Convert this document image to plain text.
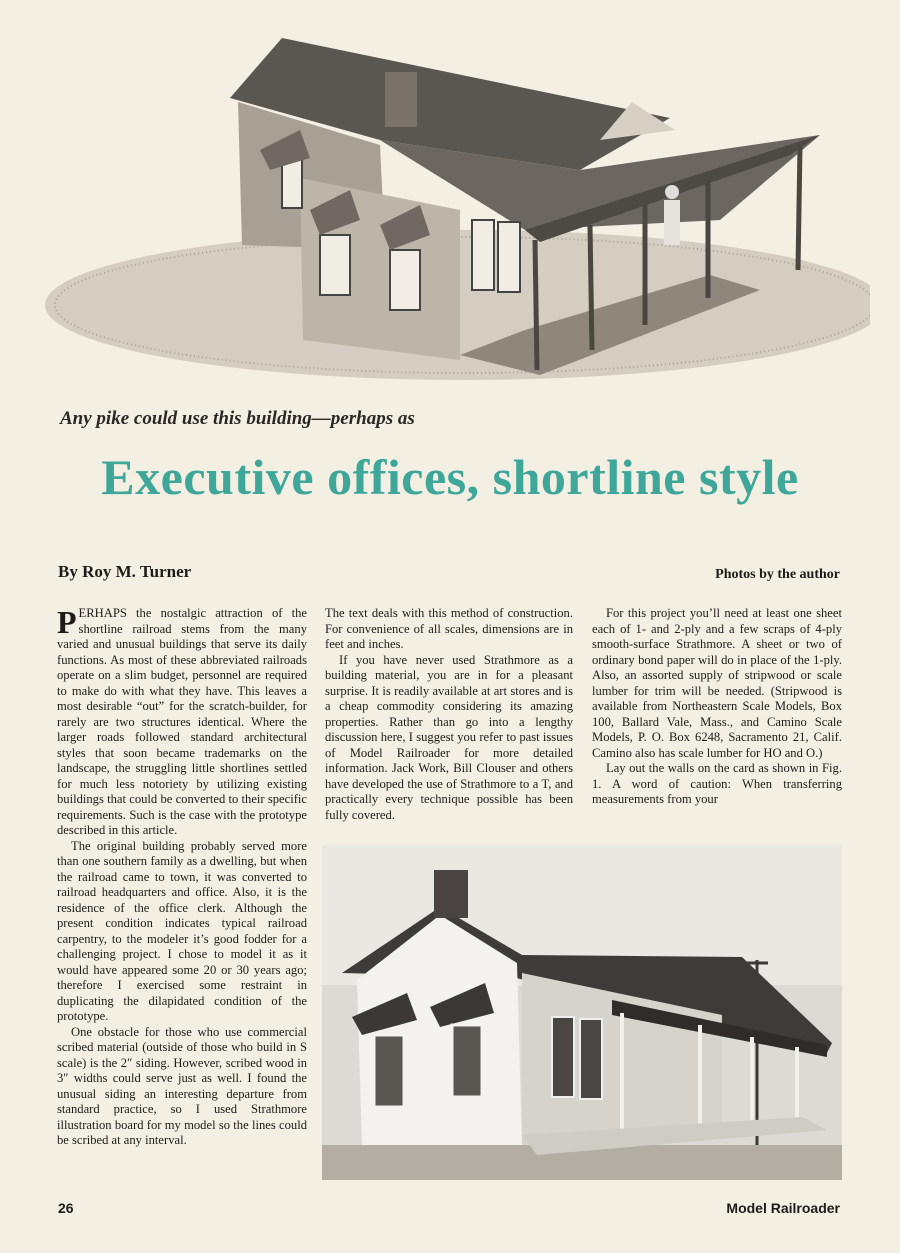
Any pike could use this building—perhaps as
Executive offices, shortline style
By Roy M. Turner	Photos by the author

PERHAPS the nostalgic attraction of the shortline railroad stems from the many varied and unusual buildings that serve its daily functions. As most of these abbreviated railroads operate on a slim budget, personnel are required to make do with what they have. This leaves a most desirable “out” for the scratch-builder, for rarely are two structures identical. Where the larger roads followed standard architectural styles that soon became trademarks on the landscape, the struggling little shortlines settled for much less notoriety by utilizing existing buildings that could be converted to their specific requirements. Such is the case with the prototype described in this article.

The original building probably served more than one southern family as a dwelling, but when the railroad came to town, it was converted to railroad headquarters and office. Also, it is the residence of the office clerk. Although the present condition indicates typical railroad carpentry, to the modeler it’s good fodder for a challenging project. I chose to model it as it would have appeared some 20 or 30 years ago; therefore I exercised some restraint in duplicating the dilapidated condition of the prototype.

One obstacle for those who use commercial scribed material (outside of those who build in S scale) is the 2″ siding. However, scribed wood in 3″ widths could serve just as well. I found the unusual siding an interesting departure from standard practice, so I used Strathmore illustration board for my model so the lines could be scribed at any interval.

The text deals with this method of construction. For convenience of all scales, dimensions are in feet and inches.

If you have never used Strathmore as a building material, you are in for a pleasant surprise. It is readily available at art stores and is a cheap commodity considering its amazing properties. Rather than go into a lengthy discussion here, I suggest you refer to past issues of Model Railroader for more detailed information. Jack Work, Bill Clouser and others have developed the use of Strathmore to a T, and practically every technique possible has been fully covered.

For this project you’ll need at least one sheet each of 1- and 2-ply and a few scraps of 4-ply smooth-surface Strathmore. A sheet or two of ordinary bond paper will do in place of the 1-ply. Also, an assorted supply of stripwood or scale lumber for trim will be needed. (Stripwood is available from Northeastern Scale Models, Box 100, Ballard Vale, Mass., and Camino Scale Models, P. O. Box 6248, Sacramento 21, Calif. Camino also has scale lumber for HO and O.)

Lay out the walls on the card as shown in Fig. 1. A word of caution: When transferring measurements from your

26	Model Railroader
